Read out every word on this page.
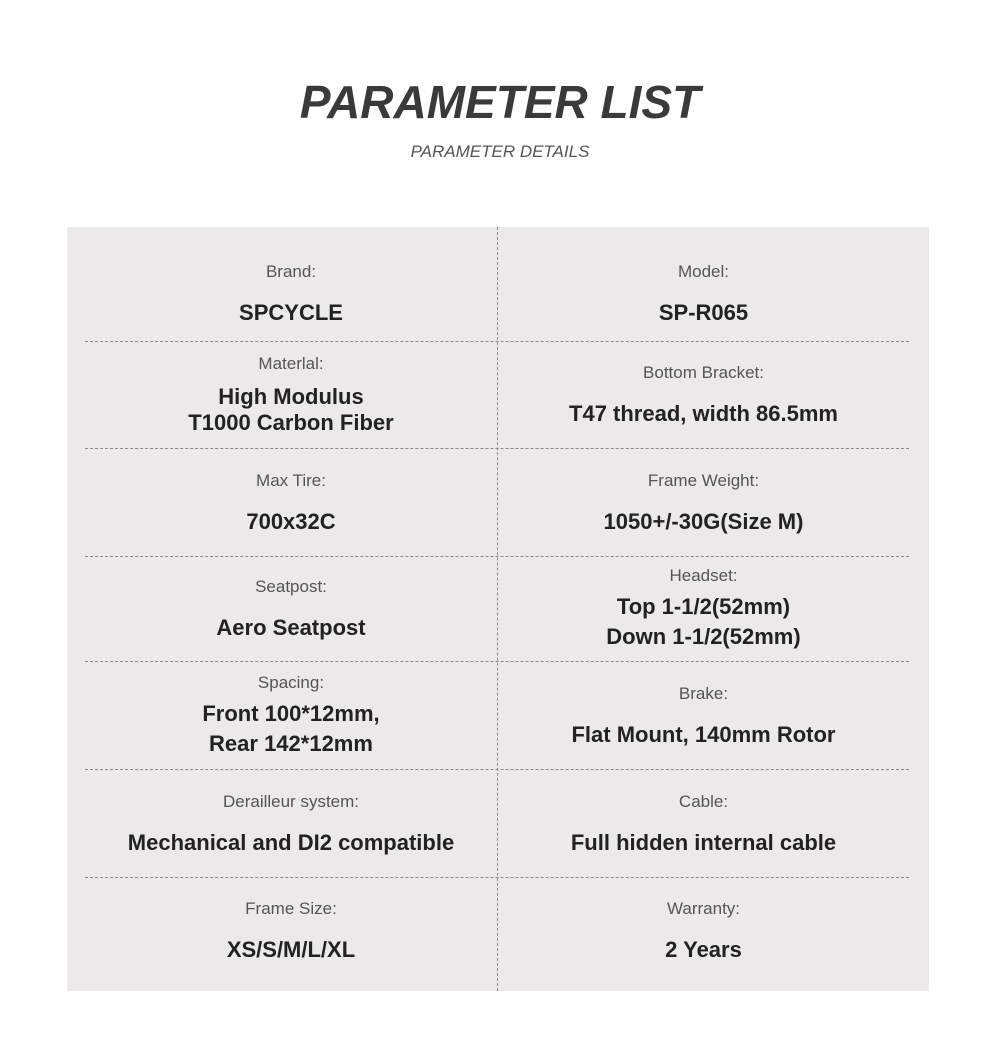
PARAMETER LIST
PARAMETER DETAILS
Brand:
SPCYCLE
Model:
SP-R065
Materlal:
High Modulus
T1000 Carbon Fiber
Bottom Bracket:
T47 thread, width 86.5mm
Max Tire:
700x32C
Frame Weight:
1050+/-30G(Size M)
Seatpost:
Aero Seatpost
Headset:
Top 1-1/2(52mm)
Down 1-1/2(52mm)
Spacing:
Front 100*12mm,
Rear 142*12mm
Brake:
Flat Mount, 140mm Rotor
Derailleur system:
Mechanical and DI2 compatible
Cable:
Full hidden internal cable
Frame Size:
XS/S/M/L/XL
Warranty:
2 Years
